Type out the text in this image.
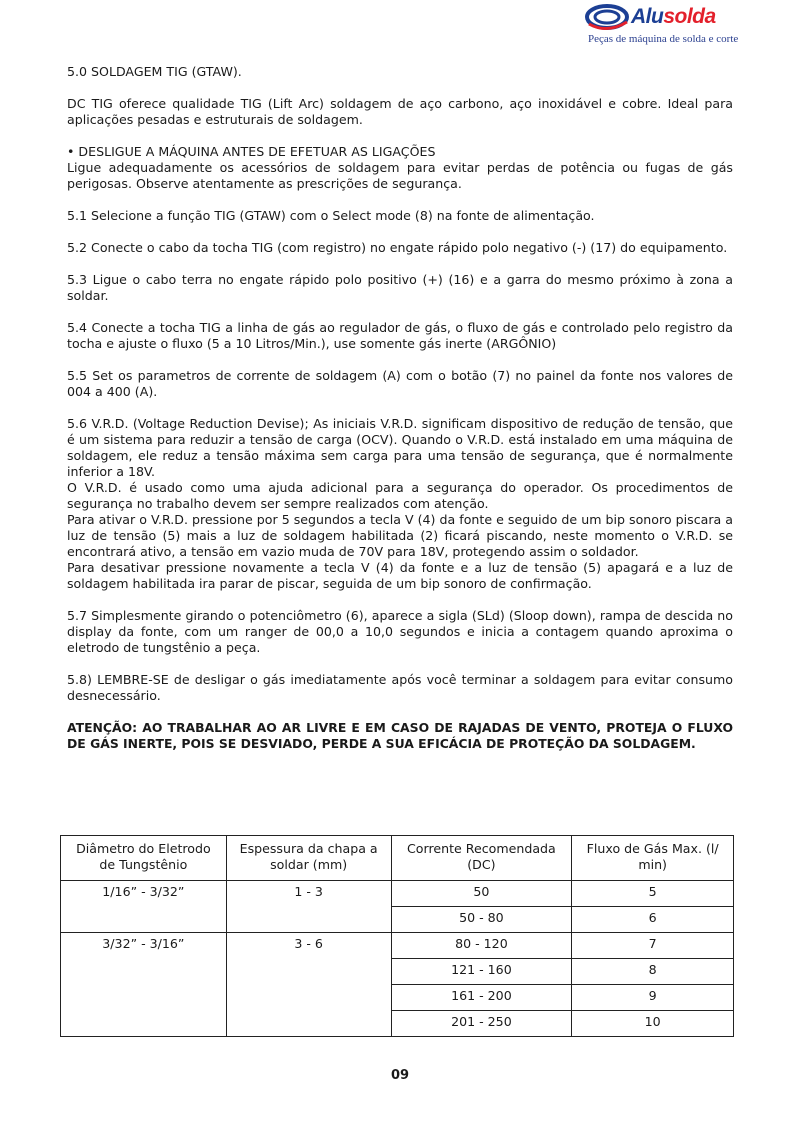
Alusolda
Peças de máquina de solda e corte

5.0 SOLDAGEM TIG (GTAW).

DC TIG oferece qualidade TIG (Lift Arc) soldagem de aço carbono, aço inoxidável e cobre. Ideal para aplicações pesadas e estruturais de soldagem.

• DESLIGUE A MÁQUINA ANTES DE EFETUAR AS LIGAÇÕES

Ligue adequadamente os acessórios de soldagem para evitar perdas de potência ou fugas de gás perigosas. Observe atentamente as prescrições de segurança.

5.1 Selecione a função TIG (GTAW) com o Select mode (8) na fonte de alimentação.

5.2 Conecte o cabo da tocha TIG (com registro) no engate rápido polo negativo (-) (17) do equipamento.

5.3 Ligue o cabo terra no engate rápido polo positivo (+) (16) e a garra do mesmo próximo à zona a soldar.

5.4 Conecte a tocha TIG a linha de gás ao regulador de gás, o fluxo de gás e controlado pelo registro da tocha e ajuste o fluxo (5 a 10 Litros/Min.), use somente gás inerte (ARGÔNIO)

5.5 Set os parametros de corrente de soldagem (A) com o botão (7) no painel da fonte nos valores de 004 a 400 (A).

5.6 V.R.D. (Voltage Reduction Devise); As iniciais V.R.D. significam dispositivo de redução de tensão, que é um sistema para reduzir a tensão de carga (OCV). Quando o V.R.D. está instalado em uma máquina de soldagem, ele reduz a tensão máxima sem carga para uma tensão de segurança, que é normalmente inferior a 18V.

O V.R.D. é usado como uma ajuda adicional para a segurança do operador. Os procedimentos de segurança no trabalho devem ser sempre realizados com atenção.

Para ativar o V.R.D. pressione por 5 segundos a tecla V (4) da fonte e seguido de um bip sonoro piscara a luz de tensão (5) mais a luz de soldagem habilitada (2) ficará piscando, neste momento o V.R.D. se encontrará ativo, a tensão em vazio muda de 70V para 18V, protegendo assim o soldador.

Para desativar pressione novamente a tecla V (4) da fonte e a luz de tensão (5) apagará e a luz de soldagem habilitada ira parar de piscar, seguida de um bip sonoro de confirmação.

5.7 Simplesmente girando o potenciômetro (6), aparece a sigla (SLd) (Sloop down), rampa de descida no display da fonte, com um ranger de 00,0 a 10,0 segundos e inicia a contagem quando aproxima o eletrodo de tungstênio a peça.

5.8) LEMBRE-SE de desligar o gás imediatamente após você terminar a soldagem para evitar consumo desnecessário.

ATENÇÃO: AO TRABALHAR AO AR LIVRE E EM CASO DE RAJADAS DE VENTO, PROTEJA O FLUXO DE GÁS INERTE, POIS SE DESVIADO, PERDE A SUA EFICÁCIA DE PROTEÇÃO DA SOLDAGEM.

Diâmetro do Eletrodo de Tungstênio	Espessura da chapa a soldar (mm)	Corrente Recomendada (DC)	Fluxo de Gás Max. (l/ min)
1/16” - 3/32”	1 - 3	50	5
		50 - 80	6
3/32” - 3/16”	3 - 6	80 - 120	7
		121 - 160	8
		161 - 200	9
		201 - 250	10
09
